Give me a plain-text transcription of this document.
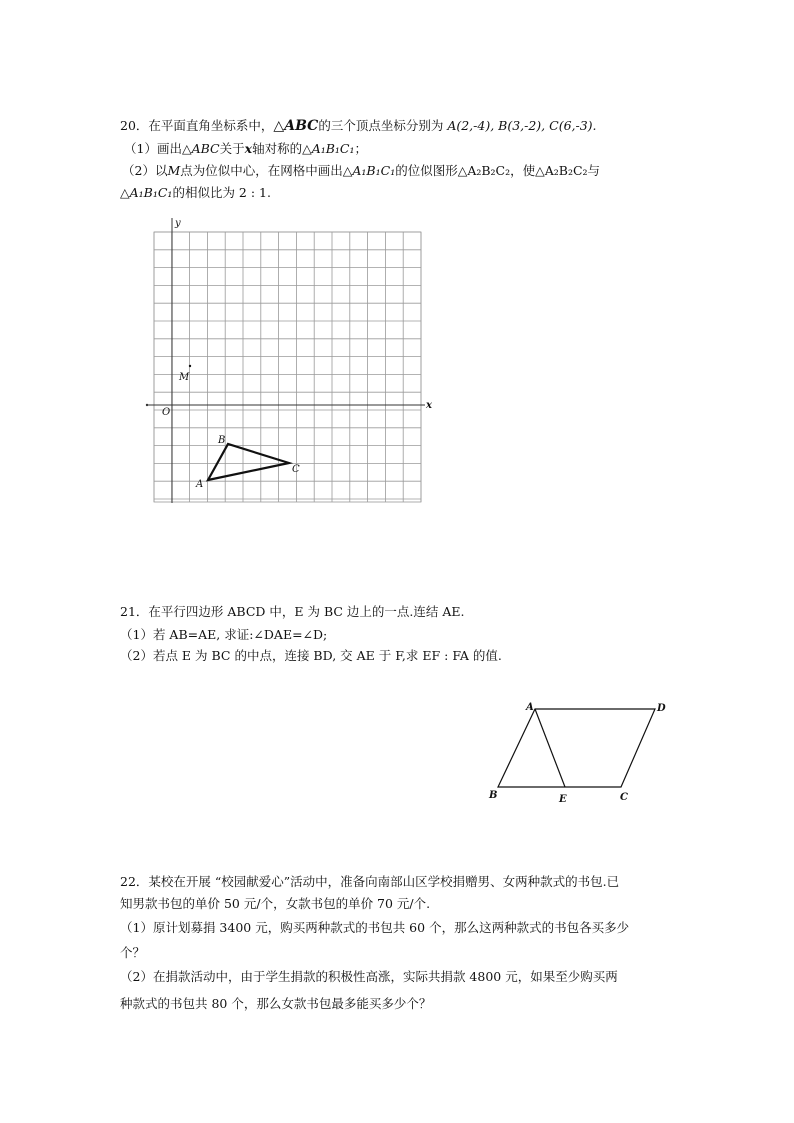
20．在平面直角坐标系中，△ABC的三个顶点坐标分别为 A(2,-4), B(3,-2), C(6,-3).
（1）画出△ABC关于x轴对称的△A₁B₁C₁；
（2）以M点为位似中心，在网格中画出△A₁B₁C₁的位似图形△A₂B₂C₂，使△A₂B₂C₂与
△A₁B₁C₁的相似比为 2 : 1.
y
x
O
M
A
B
C
21．在平行四边形 ABCD 中，E 为 BC 边上的一点.连结 AE.
（1）若 AB=AE, 求证:∠DAE=∠D;
（2）若点 E 为 BC 的中点，连接 BD, 交 AE 于 F,求 EF : FA 的值.
A	D
B	E	C
22．某校在开展 “校园献爱心”活动中，准备向南部山区学校捐赠男、女两种款式的书包.已
知男款书包的单价 50 元/个，女款书包的单价 70 元/个.
（1）原计划募捐 3400 元，购买两种款式的书包共 60 个，那么这两种款式的书包各买多少
个？
（2）在捐款活动中，由于学生捐款的积极性高涨，实际共捐款 4800 元，如果至少购买两
种款式的书包共 80 个，那么女款书包最多能买多少个？
